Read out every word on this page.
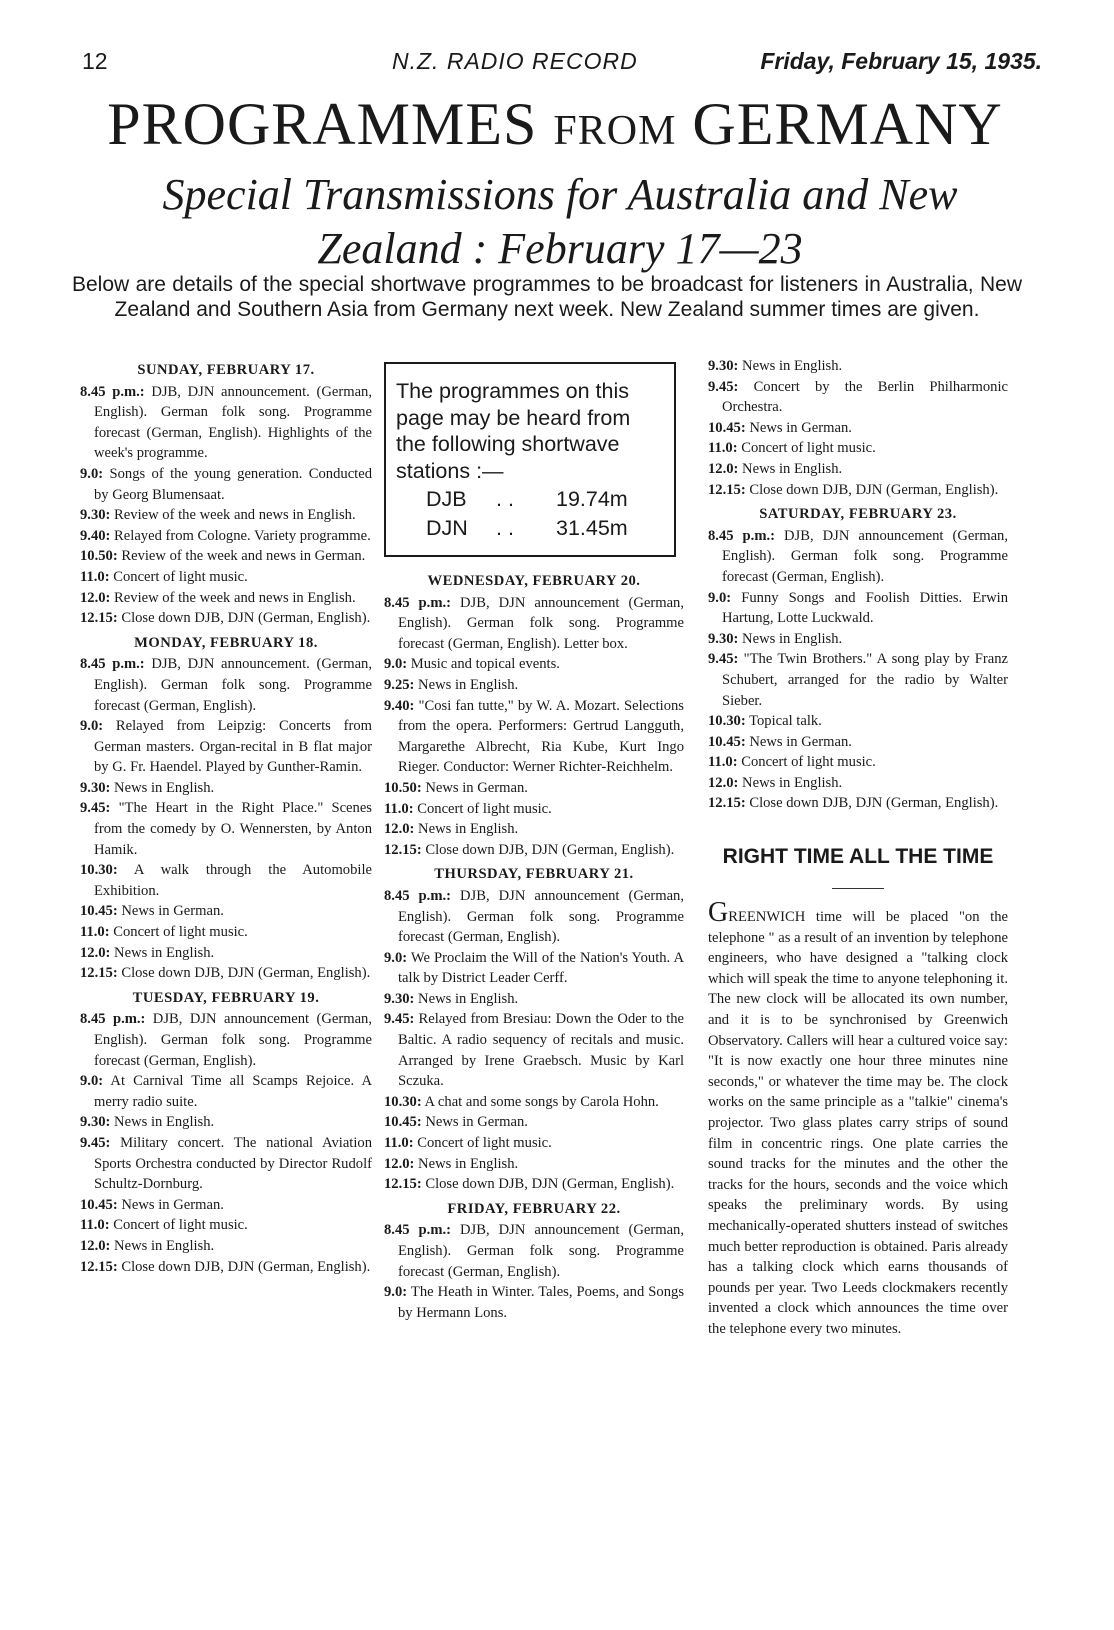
12	N.Z. RADIO RECORD	Friday, February 15, 1935.
PROGRAMMES FROM GERMANY
Special Transmissions for Australia and New
Zealand : February 17—23
Below are details of the special shortwave programmes to be broadcast for listeners in Australia, New Zealand and Southern Asia from Germany next week. New Zealand summer times are given.
SUNDAY, FEBRUARY 17.
8.45 p.m.: DJB, DJN announcement. (German, English). German folk song. Programme forecast (German, English). Highlights of the week's programme.
9.0: Songs of the young generation. Conducted by Georg Blumensaat.
9.30: Review of the week and news in English.
9.40: Relayed from Cologne. Variety programme.
10.50: Review of the week and news in German.
11.0: Concert of light music.
12.0: Review of the week and news in English.
12.15: Close down DJB, DJN (German, English).
MONDAY, FEBRUARY 18.
8.45 p.m.: DJB, DJN announcement. (German, English). German folk song. Programme forecast (German, English).
9.0: Relayed from Leipzig: Concerts from German masters. Organ-recital in B flat major by G. Fr. Haendel. Played by Gunther-Ramin.
9.30: News in English.
9.45: "The Heart in the Right Place." Scenes from the comedy by O. Wennersten, by Anton Hamik.
10.30: A walk through the Automobile Exhibition.
10.45: News in German.
11.0: Concert of light music.
12.0: News in English.
12.15: Close down DJB, DJN (German, English).
TUESDAY, FEBRUARY 19.
8.45 p.m.: DJB, DJN announcement (German, English). German folk song. Programme forecast (German, English).
9.0: At Carnival Time all Scamps Rejoice. A merry radio suite.
9.30: News in English.
9.45: Military concert. The national Aviation Sports Orchestra conducted by Director Rudolf Schultz-Dornburg.
10.45: News in German.
11.0: Concert of light music.
12.0: News in English.
12.15: Close down DJB, DJN (German, English).
The programmes on this page may be heard from the following shortwave stations :—
DJB	. .	19.74m
DJN	. .	31.45m
WEDNESDAY, FEBRUARY 20.
8.45 p.m.: DJB, DJN announcement (German, English). German folk song. Programme forecast (German, English). Letter box.
9.0: Music and topical events.
9.25: News in English.
9.40: "Cosi fan tutte," by W. A. Mozart. Selections from the opera. Performers: Gertrud Langguth, Margarethe Albrecht, Ria Kube, Kurt Ingo Rieger. Conductor: Werner Richter-Reichhelm.
10.50: News in German.
11.0: Concert of light music.
12.0: News in English.
12.15: Close down DJB, DJN (German, English).
THURSDAY, FEBRUARY 21.
8.45 p.m.: DJB, DJN announcement (German, English). German folk song. Programme forecast (German, English).
9.0: We Proclaim the Will of the Nation's Youth. A talk by District Leader Cerff.
9.30: News in English.
9.45: Relayed from Bresiau: Down the Oder to the Baltic. A radio sequency of recitals and music. Arranged by Irene Graebsch. Music by Karl Sczuka.
10.30: A chat and some songs by Carola Hohn.
10.45: News in German.
11.0: Concert of light music.
12.0: News in English.
12.15: Close down DJB, DJN (German, English).
FRIDAY, FEBRUARY 22.
8.45 p.m.: DJB, DJN announcement (German, English). German folk song. Programme forecast (German, English).
9.0: The Heath in Winter. Tales, Poems, and Songs by Hermann Lons.
9.30: News in English.
9.45: Concert by the Berlin Philharmonic Orchestra.
10.45: News in German.
11.0: Concert of light music.
12.0: News in English.
12.15: Close down DJB, DJN (German, English).
SATURDAY, FEBRUARY 23.
8.45 p.m.: DJB, DJN announcement (German, English). German folk song. Programme forecast (German, English).
9.0: Funny Songs and Foolish Ditties. Erwin Hartung, Lotte Luckwald.
9.30: News in English.
9.45: "The Twin Brothers." A song play by Franz Schubert, arranged for the radio by Walter Sieber.
10.30: Topical talk.
10.45: News in German.
11.0: Concert of light music.
12.0: News in English.
12.15: Close down DJB, DJN (German, English).
RIGHT TIME ALL THE TIME
GREENWICH time will be placed "on the telephone " as a result of an invention by telephone engineers, who have designed a "talking clock which will speak the time to anyone telephoning it. The new clock will be allocated its own number, and it is to be synchronised by Greenwich Observatory. Callers will hear a cultured voice say: "It is now exactly one hour three minutes nine seconds," or whatever the time may be. The clock works on the same principle as a "talkie" cinema's projector. Two glass plates carry strips of sound film in concentric rings. One plate carries the sound tracks for the minutes and the other the tracks for the hours, seconds and the voice which speaks the preliminary words. By using mechanically-operated shutters instead of switches much better reproduction is obtained. Paris already has a talking clock which earns thousands of pounds per year. Two Leeds clockmakers recently invented a clock which announces the time over the telephone every two minutes.
